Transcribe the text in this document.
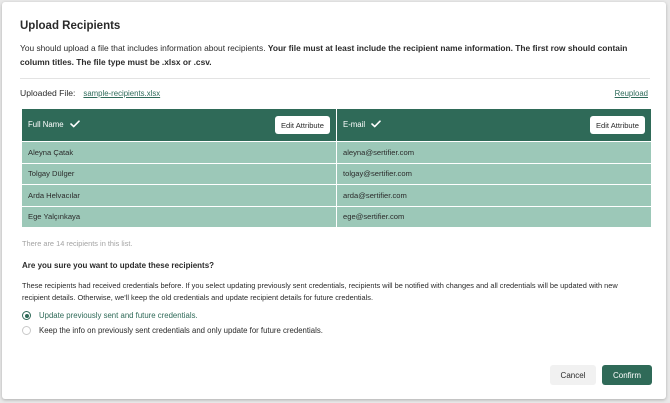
Upload Recipients
You should upload a file that includes information about recipients. Your file must at least include the recipient name information. The first row should contain column titles. The file type must be .xlsx or .csv.
Uploaded File: sample-recipients.xlsx	Reupload
Full Name Edit Attribute	E-mail Edit Attribute

Aleyna Çatak	aleyna@sertifier.com
Tolgay Dülger	tolgay@sertifier.com
Arda Helvacılar	arda@sertifier.com
Ege Yalçınkaya	ege@sertifier.com
There are 14 recipients in this list.
Are you sure you want to update these recipients?
These recipients had received credentials before. If you select updating previously sent credentials, recipients will be notified with changes and all credentials will be updated with new recipient details. Otherwise, we'll keep the old credentials and update recipient details for future credentials.
Update previously sent and future credentials.
Keep the info on previously sent credentials and only update for future credentials.
Cancel	Confirm
